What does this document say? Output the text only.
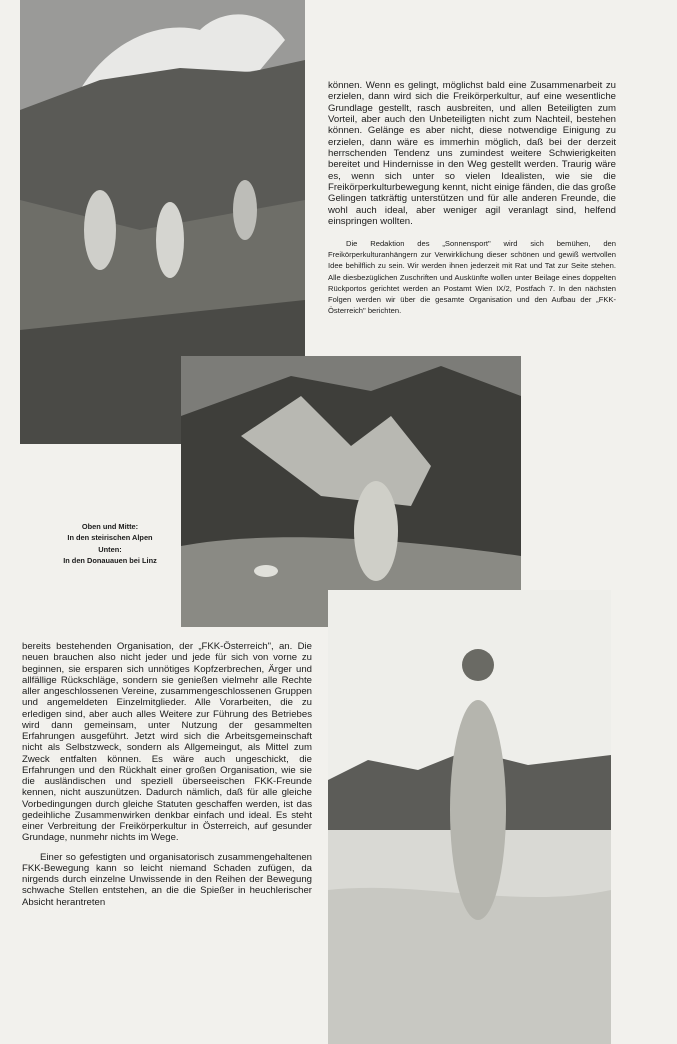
können. Wenn es gelingt, möglichst bald eine Zusammenarbeit zu erzielen, dann wird sich die Freikörperkultur, auf eine wesentliche Grundlage gestellt, rasch ausbreiten, und allen Beteiligten zum Vorteil, aber auch den Unbeteiligten nicht zum Nachteil, bestehen können. Gelänge es aber nicht, diese notwendige Einigung zu erzielen, dann wäre es immerhin möglich, daß bei der derzeit herrschenden Tendenz uns zumindest weitere Schwierigkeiten bereitet und Hindernisse in den Weg gestellt werden. Traurig wäre es, wenn sich unter so vielen Idealisten, wie sie die Freikörperkulturbewegung kennt, nicht einige fänden, die das große Gelingen tatkräftig unterstützen und für alle anderen Freunde, die wohl auch ideal, aber weniger agil veranlagt sind, helfend einspringen wollten.

Die Redaktion des „Sonnensport" wird sich bemühen, den Freikörperkulturanhängern zur Verwirklichung dieser schönen und gewiß wertvollen Idee behilflich zu sein. Wir werden ihnen jederzeit mit Rat und Tat zur Seite stehen. Alle diesbezüglichen Zuschriften und Auskünfte wollen unter Beilage eines doppelten Rückportos gerichtet werden an Postamt Wien IX/2, Postfach 7. In den nächsten Folgen werden wir über die gesamte Organisation und den Aufbau der „FKK-Österreich" berichten.

Oben und Mitte:
In den steirischen Alpen
Unten:
In den Donauauen bei Linz

bereits bestehenden Organisation, der „FKK-Österreich", an. Die neuen brauchen also nicht jeder und jede für sich von vorne zu beginnen, sie ersparen sich unnötiges Kopfzerbrechen, Ärger und allfällige Rückschläge, sondern sie genießen vielmehr alle Rechte aller angeschlossenen Vereine, zusammengeschlossenen Gruppen und angemeldeten Einzelmitglieder. Alle Vorarbeiten, die zu erledigen sind, aber auch alles Weitere zur Führung des Betriebes wird dann gemeinsam, unter Nutzung der gesammelten Erfahrungen ausgeführt. Jetzt wird sich die Arbeitsgemeinschaft nicht als Selbstzweck, sondern als Allgemeingut, als Mittel zum Zweck entfalten können. Es wäre auch ungeschickt, die Erfahrungen und den Rückhalt einer großen Organisation, wie sie die ausländischen und speziell überseeischen FKK-Freunde kennen, nicht auszunützen. Dadurch nämlich, daß für alle gleiche Vorbedingungen durch gleiche Statuten geschaffen werden, ist das gedeihliche Zusammenwirken denkbar einfach und ideal. Es steht einer Verbreitung der Freikörperkultur in Österreich, auf gesunder Grundage, nunmehr nichts im Wege.

Einer so gefestigten und organisatorisch zusammengehaltenen FKK-Bewegung kann so leicht niemand Schaden zufügen, da nirgends durch einzelne Unwissende in den Reihen der Bewegung schwache Stellen entstehen, an die die Spießer in heuchlerischer Absicht herantreten
